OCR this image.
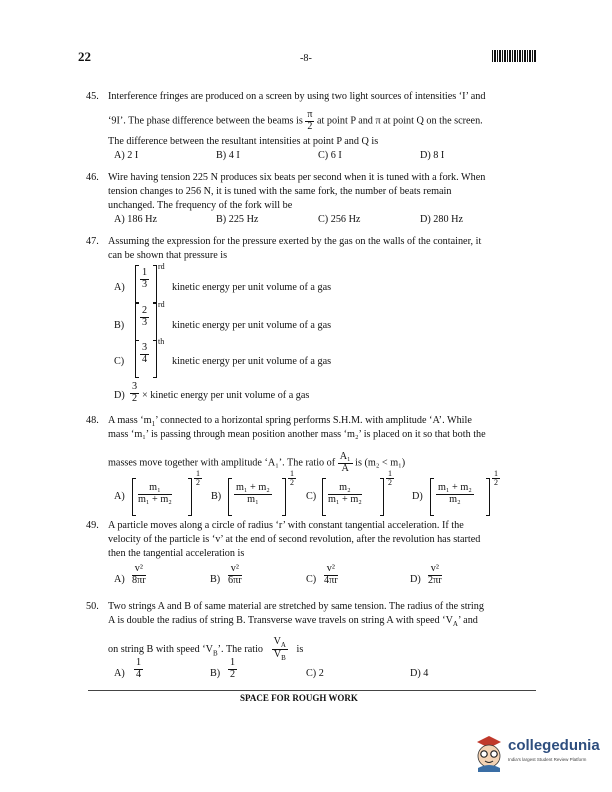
22	-8-
45. Interference fringes are produced on a screen by using two light sources of intensities ‘I’ and
‘9I’. The phase difference between the beams is $\frac{\pi}{2}$ at point P and π at point Q on the screen.
The difference between the resultant intensities at point P and Q is
A) 2 I	B) 4 I	C) 6 I	D) 8 I
46. Wire having tension 225 N produces six beats per second when it is tuned with a fork. When
tension changes to 256 N, it is tuned with the same fork, the number of beats remain
unchanged. The frequency of the fork will be
A) 186 Hz	B) 225 Hz	C) 256 Hz	D) 280 Hz
47. Assuming the expression for the pressure exerted by the gas on the walls of the container, it
can be shown that pressure is
$A) \frac{1}{3}$
rd
kinetic energy per unit volume of a gas
$B) \frac{2}{3}$
rd
kinetic energy per unit volume of a gas
$C) \frac{3}{4}$
th
kinetic energy per unit volume of a gas
$D) \frac{3}{2}$ × kinetic energy per unit volume of a gas
48. A mass ‘$m_1$’ connected to a horizontal spring performs S.H.M. with amplitude ‘A’. While
mass ‘m₁’ is passing through mean position another mass ‘m₂’ is placed on it so that both the
masses move together with amplitude ‘A₁’. The ratio of $\frac{\text{A₁}}{A}$ is (m₂ < m₁)
$A) \frac{\text{m₁}}{\text{m₁ + m₂}}$
$\frac{1}{2}$
$B) \frac{\text{m₁ + m₂}}{\text{m₁}}$
$\frac{1}{2}$
$C) \frac{\text{m₂}}{\text{m₁ + m₂}}$
$\frac{1}{2}$
$D) \frac{\text{m₁ + m₂}}{\text{m₂}}$
$\frac{1}{2}$
49. A particle moves along a circle of radius ‘r’ with constant tangential acceleration. If the
velocity of the particle is ‘v’ at the end of second revolution, after the revolution has started
then the tangential acceleration is
$A) \frac{\text{v²}}{8\pi r}$	$B) \frac{\text{v²}}{6\pi r}$	$C) \frac{\text{v²}}{4\pi r}$	$D) \frac{\text{v²}}{2\pi r}$
50. Two strings A and B of same material are stretched by same tension. The radius of the string
A is double the radius of string B. Transverse wave travels on string A with speed ‘$V_A$’ and
on string B with speed ‘$V_B$’. The ratio $\frac{V_A}{V_B}$ is
$A) \frac{1}{4}$	$B) \frac{1}{2}$	C) 2	D) 4
SPACE FOR ROUGH WORK
collegedunia
India's largest Student Review Platform
